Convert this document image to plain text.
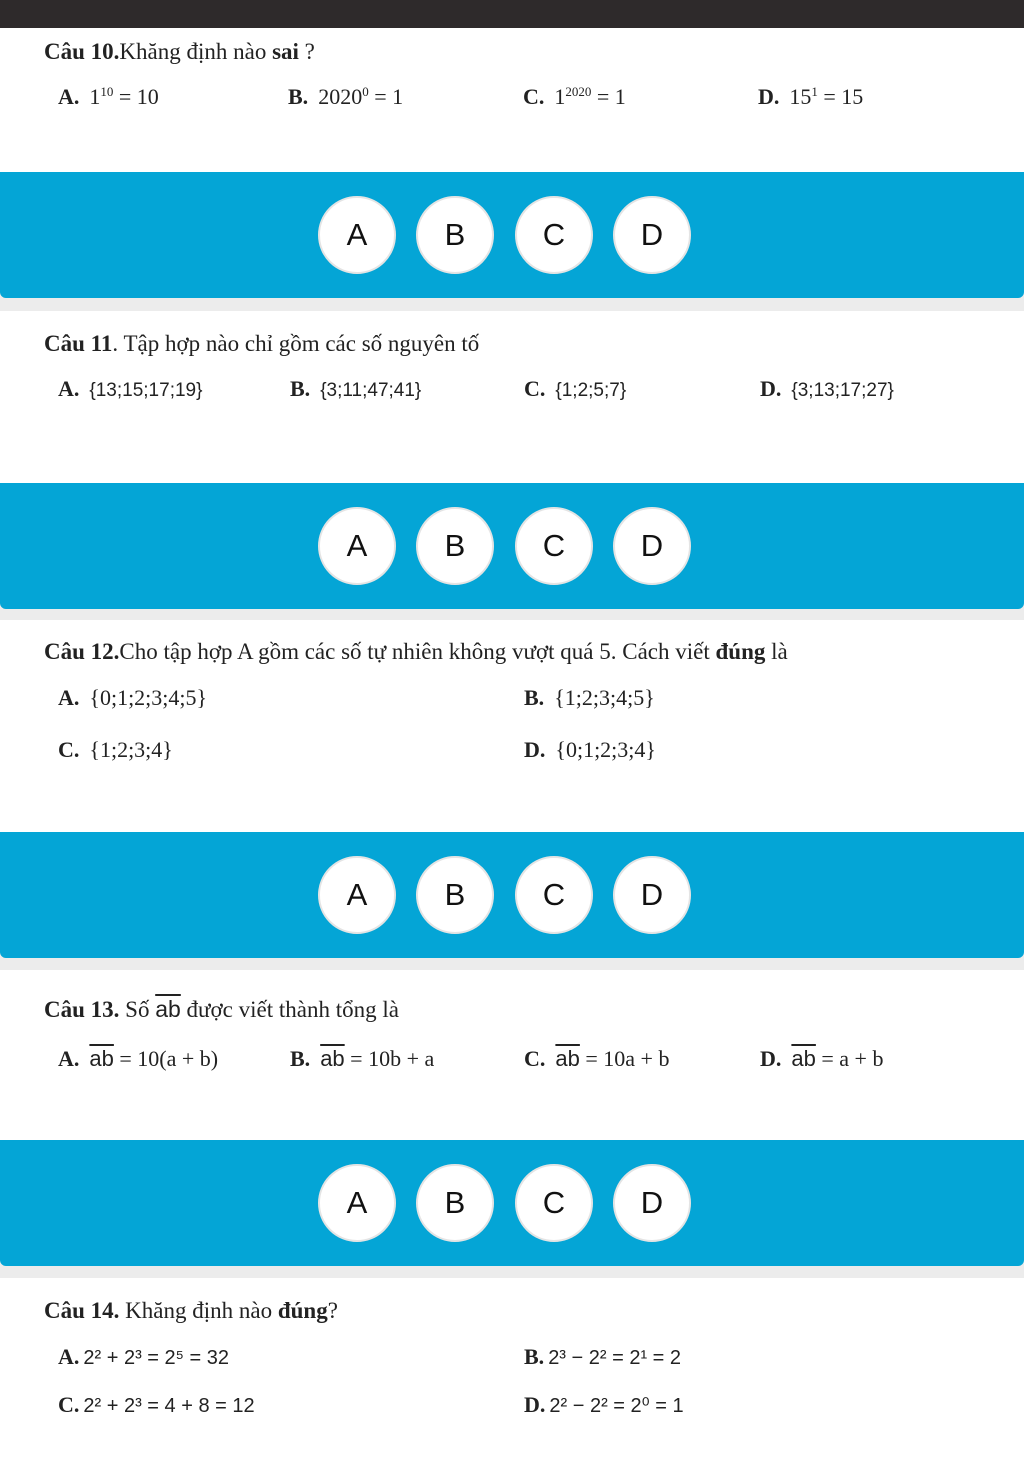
Câu 10.Khăng định nào sai ?
A. $1^{10} = 10$	B. $2020^0 = 1$	C. $1^{2020} = 1$	D. $15^1 = 15$
A	B	C	D
Câu 11. Tập hợp nào chỉ gồm các số nguyên tố
A. {13;15;17;19}	B. {3;11;47;41}	C. {1;2;5;7}	D. {3;13;17;27}
A	B	C	D
Câu 12.Cho tập hợp A gồm các số tự nhiên không vượt quá 5. Cách viết đúng là
A. {0;1;2;3;4;5}	B. {1;2;3;4;5}
C. {1;2;3;4}	D. {0;1;2;3;4}
A	B	C	D
Câu 13. Số $\overline{ab}$ được viết thành tổng là
A. $\overline{ab} = 10(a + b)$	B. $\overline{ab} = 10b + a$	C. $\overline{ab} = 10a + b$	D. $\overline{ab} = a + b$
A	B	C	D
Câu 14. Khăng định nào đúng?
A. 2² + 2³ = 2⁵ = 32	B. 2³ − 2² = 2¹ = 2
C. 2² + 2³ = 4 + 8 = 12	D. 2² − 2² = 2⁰ = 1
